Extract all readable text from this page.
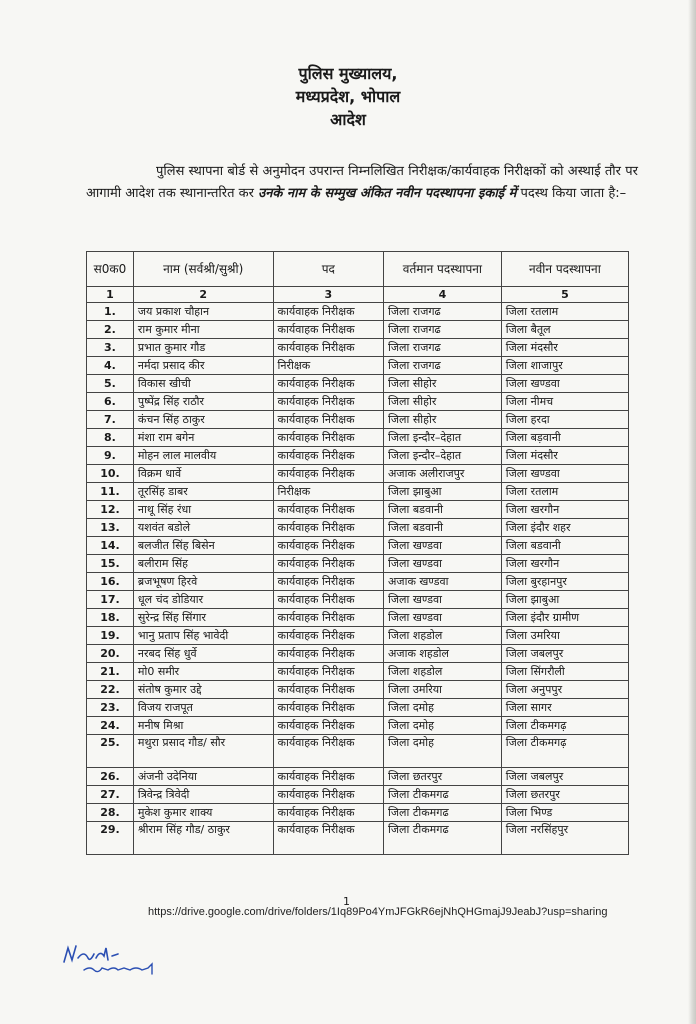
पुलिस मुख्यालय,
मध्यप्रदेश, भोपाल
आदेश
पुलिस स्थापना बोर्ड से अनुमोदन उपरान्त निम्नलिखित निरीक्षक/कार्यवाहक निरीक्षकों को अस्थाई तौर पर आगामी आदेश तक स्थानान्तरित कर उनके नाम के सम्मुख अंकित नवीन पदस्थापना इकाई में पदस्थ किया जाता है:–
स0क0	नाम (सर्वश्री/सुश्री)	पद	वर्तमान पदस्थापना	नवीन पदस्थापना
1	2	3	4	5
1.	जय प्रकाश चौहान	कार्यवाहक निरीक्षक	जिला राजगढ	जिला रतलाम
2.	राम कुमार मीना	कार्यवाहक निरीक्षक	जिला राजगढ	जिला बैतूल
3.	प्रभात कुमार गौड	कार्यवाहक निरीक्षक	जिला राजगढ	जिला मंदसौर
4.	नर्मदा प्रसाद कीर	निरीक्षक	जिला राजगढ	जिला शाजापुर
5.	विकास खीची	कार्यवाहक निरीक्षक	जिला सीहोर	जिला खण्डवा
6.	पुष्पेंद्र सिंह राठौर	कार्यवाहक निरीक्षक	जिला सीहोर	जिला नीमच
7.	कंचन सिंह ठाकुर	कार्यवाहक निरीक्षक	जिला सीहोर	जिला हरदा
8.	मंशा राम बगेन	कार्यवाहक निरीक्षक	जिला इन्दौर–देहात	जिला बड़वानी
9.	मोहन लाल मालवीय	कार्यवाहक निरीक्षक	जिला इन्दौर–देहात	जिला मंदसौर
10.	विक्रम धार्वे	कार्यवाहक निरीक्षक	अजाक अलीराजपुर	जिला खण्डवा
11.	तूरसिंह डाबर	निरीक्षक	जिला झाबुआ	जिला रतलाम
12.	नाथू सिंह रंधा	कार्यवाहक निरीक्षक	जिला बडवानी	जिला खरगौन
13.	यशवंत बडोले	कार्यवाहक निरीक्षक	जिला बडवानी	जिला इंदौर शहर
14.	बलजीत सिंह बिसेन	कार्यवाहक निरीक्षक	जिला खण्डवा	जिला बडवानी
15.	बलीराम सिंह	कार्यवाहक निरीक्षक	जिला खण्डवा	जिला खरगौन
16.	ब्रजभूषण हिरवे	कार्यवाहक निरीक्षक	अजाक खण्डवा	जिला बुरहानपुर
17.	धूल चंद डोडियार	कार्यवाहक निरीक्षक	जिला खण्डवा	जिला झाबुआ
18.	सुरेन्द्र सिंह सिंगार	कार्यवाहक निरीक्षक	जिला खण्डवा	जिला इंदौर ग्रामीण
19.	भानु प्रताप सिंह भावेदी	कार्यवाहक निरीक्षक	जिला शहडोल	जिला उमरिया
20.	नरबद सिंह धुर्वे	कार्यवाहक निरीक्षक	अजाक शहडोल	जिला जबलपुर
21.	मो0 समीर	कार्यवाहक निरीक्षक	जिला शहडोल	जिला सिंगरौली
22.	संतोष कुमार उद्दे	कार्यवाहक निरीक्षक	जिला उमरिया	जिला अनुपपुर
23.	विजय राजपूत	कार्यवाहक निरीक्षक	जिला दमोह	जिला सागर
24.	मनीष मिश्रा	कार्यवाहक निरीक्षक	जिला दमोह	जिला टीकमगढ़
25.	मथुरा प्रसाद गौड/ सौर	कार्यवाहक निरीक्षक	जिला दमोह	जिला टीकमगढ़
26.	अंजनी उदेनिया	कार्यवाहक निरीक्षक	जिला छतरपुर	जिला जबलपुर
27.	त्रिवेन्द्र त्रिवेदी	कार्यवाहक निरीक्षक	जिला टीकमगढ	जिला छतरपुर
28.	मुकेश कुमार शाक्य	कार्यवाहक निरीक्षक	जिला टीकमगढ	जिला भिण्ड
29.	श्रीराम सिंह गौड/ ठाकुर	कार्यवाहक निरीक्षक	जिला टीकमगढ	जिला नरसिंहपुर
1
https://drive.google.com/drive/folders/1Iq89Po4YmJFGkR6ejNhQHGmajJ9JeabJ?usp=sharing
